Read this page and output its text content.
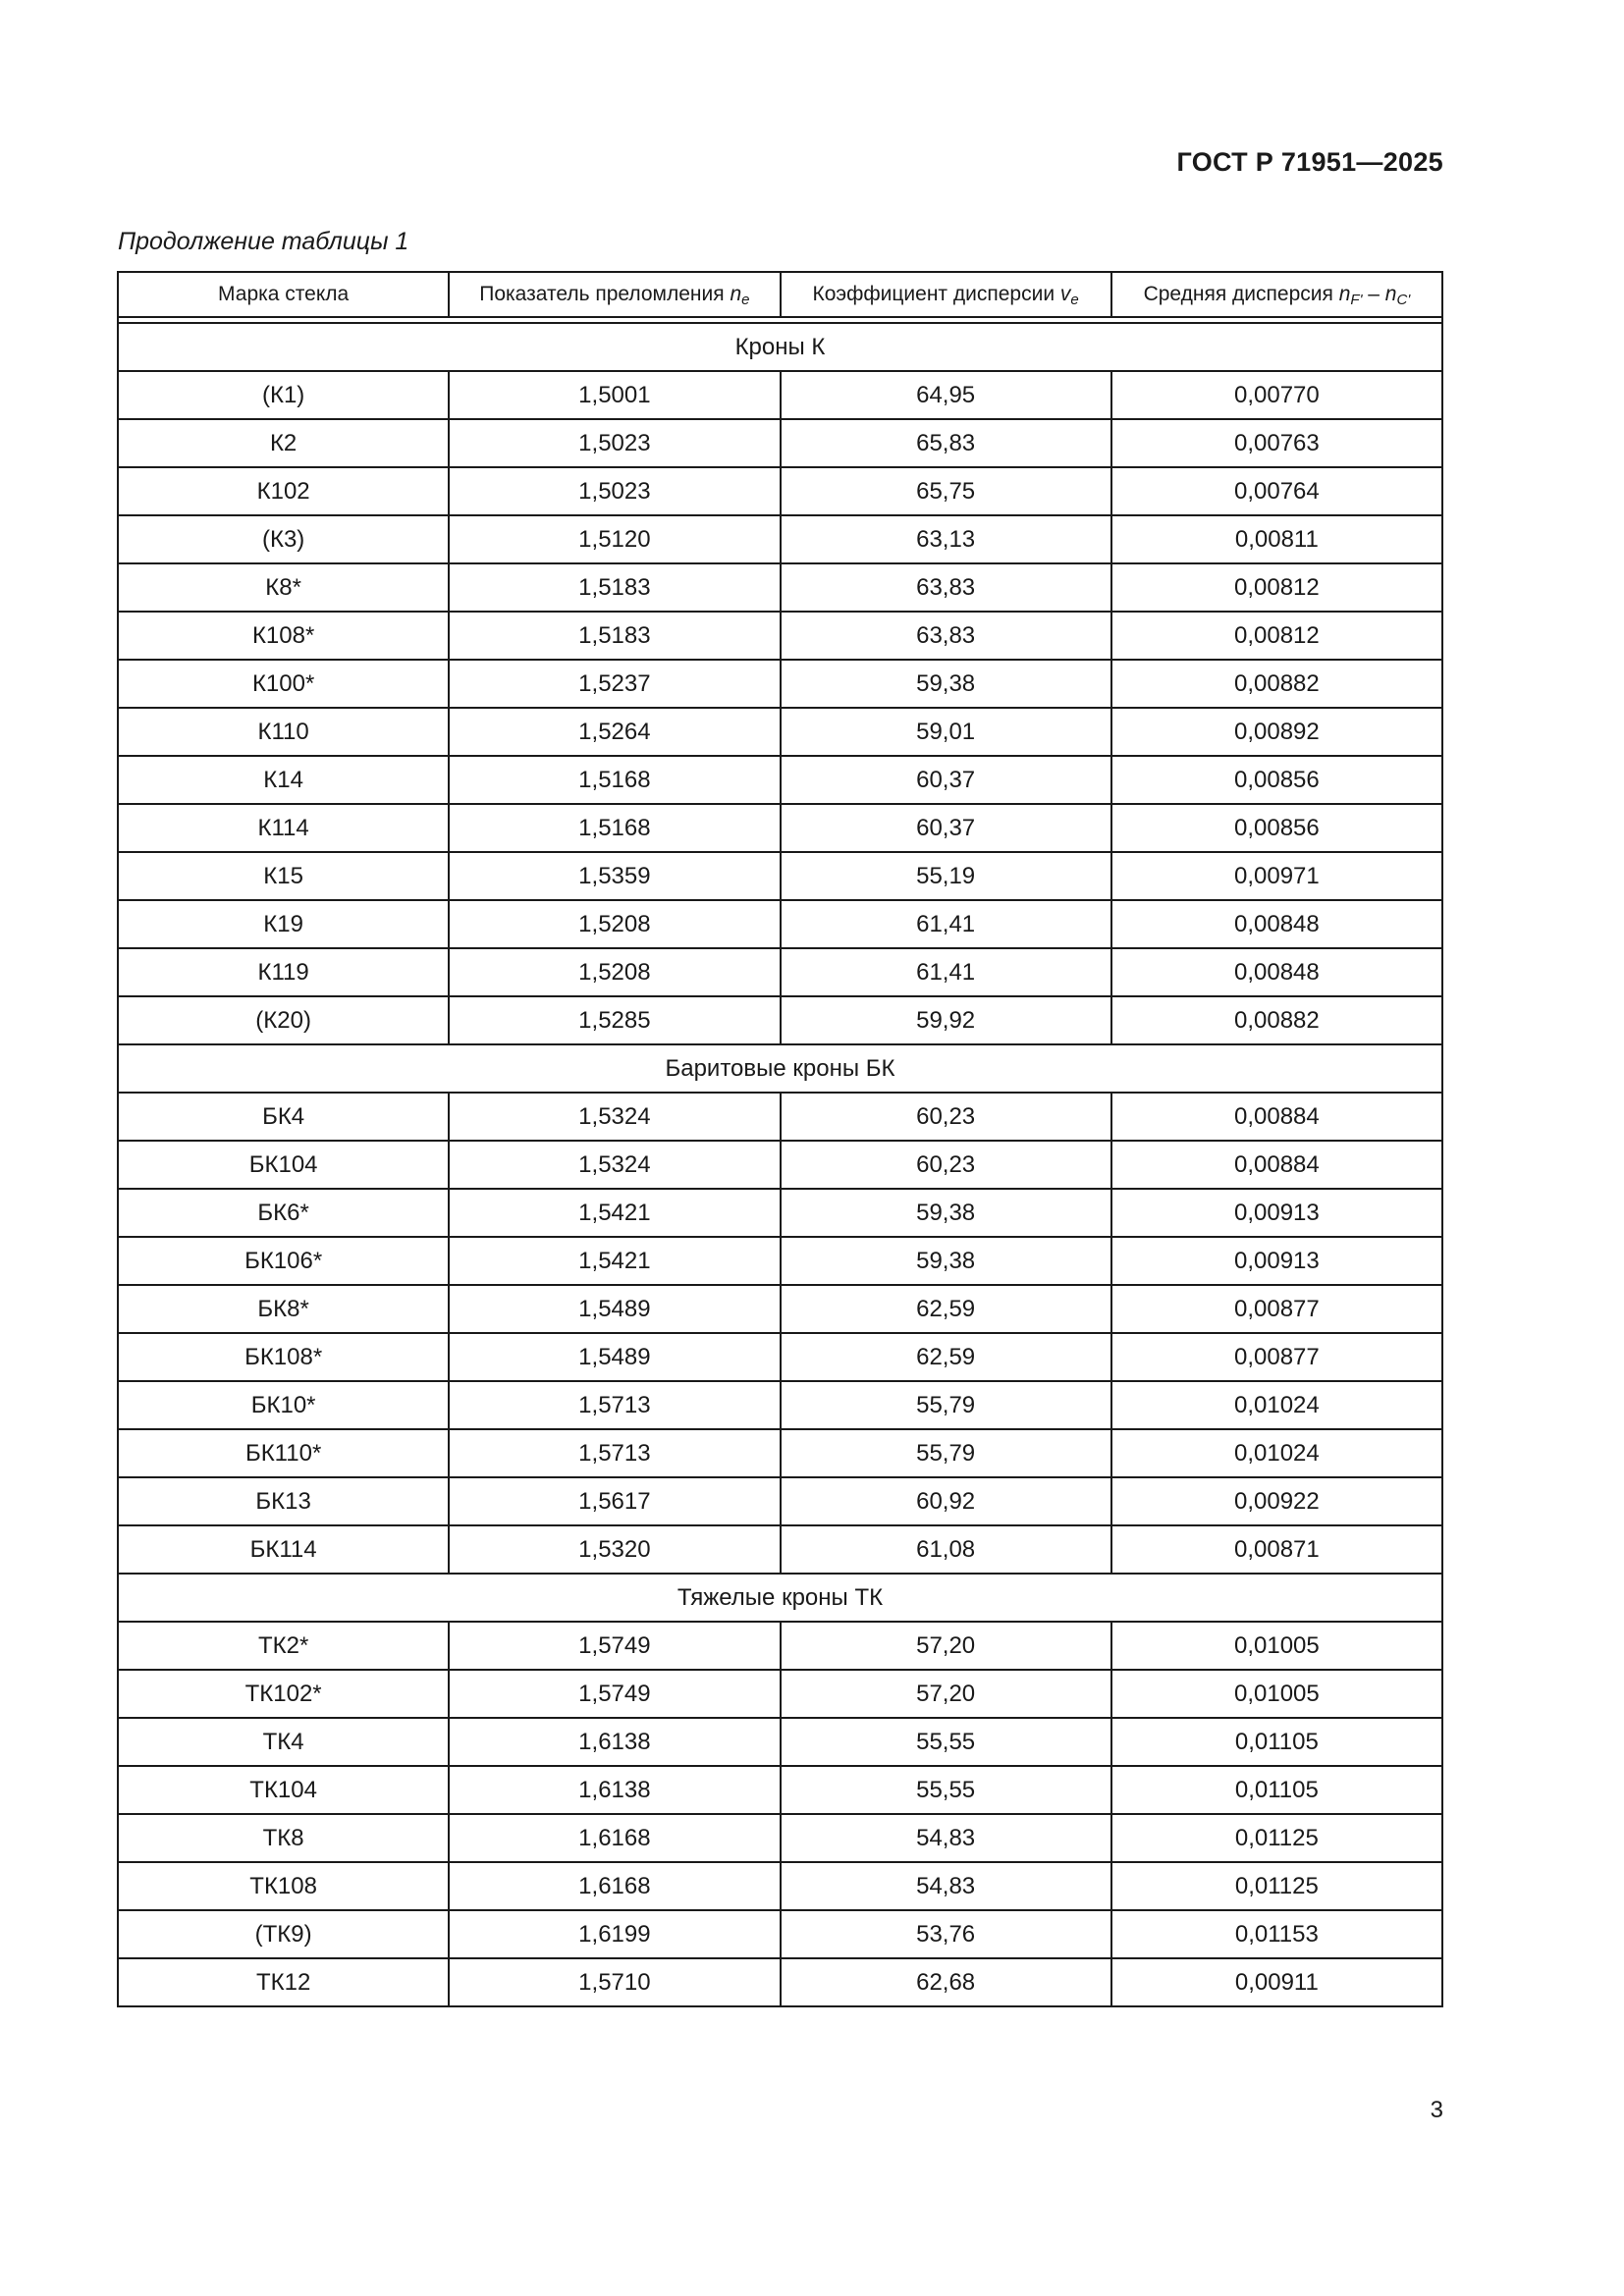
ГОСТ Р 71951—2025
Продолжение таблицы 1
Марка стекла	Показатель преломления $n_e$	Коэффициент дисперсии $v_e$	Средняя дисперсия $n_{F'} - n_{C'}$

Кроны К			
(К1)	1,5001	64,95	0,00770
К2	1,5023	65,83	0,00763
К102	1,5023	65,75	0,00764
(К3)	1,5120	63,13	0,00811
К8*	1,5183	63,83	0,00812
К108*	1,5183	63,83	0,00812
К100*	1,5237	59,38	0,00882
К110	1,5264	59,01	0,00892
К14	1,5168	60,37	0,00856
К114	1,5168	60,37	0,00856
К15	1,5359	55,19	0,00971
К19	1,5208	61,41	0,00848
К119	1,5208	61,41	0,00848
(К20)	1,5285	59,92	0,00882
Баритовые кроны БК			
БК4	1,5324	60,23	0,00884
БК104	1,5324	60,23	0,00884
БК6*	1,5421	59,38	0,00913
БК106*	1,5421	59,38	0,00913
БК8*	1,5489	62,59	0,00877
БК108*	1,5489	62,59	0,00877
БК10*	1,5713	55,79	0,01024
БК110*	1,5713	55,79	0,01024
БК13	1,5617	60,92	0,00922
БК114	1,5320	61,08	0,00871
Тяжелые кроны ТК			
ТК2*	1,5749	57,20	0,01005
ТК102*	1,5749	57,20	0,01005
ТК4	1,6138	55,55	0,01105
ТК104	1,6138	55,55	0,01105
ТК8	1,6168	54,83	0,01125
ТК108	1,6168	54,83	0,01125
(ТК9)	1,6199	53,76	0,01153
ТК12	1,5710	62,68	0,00911
3
